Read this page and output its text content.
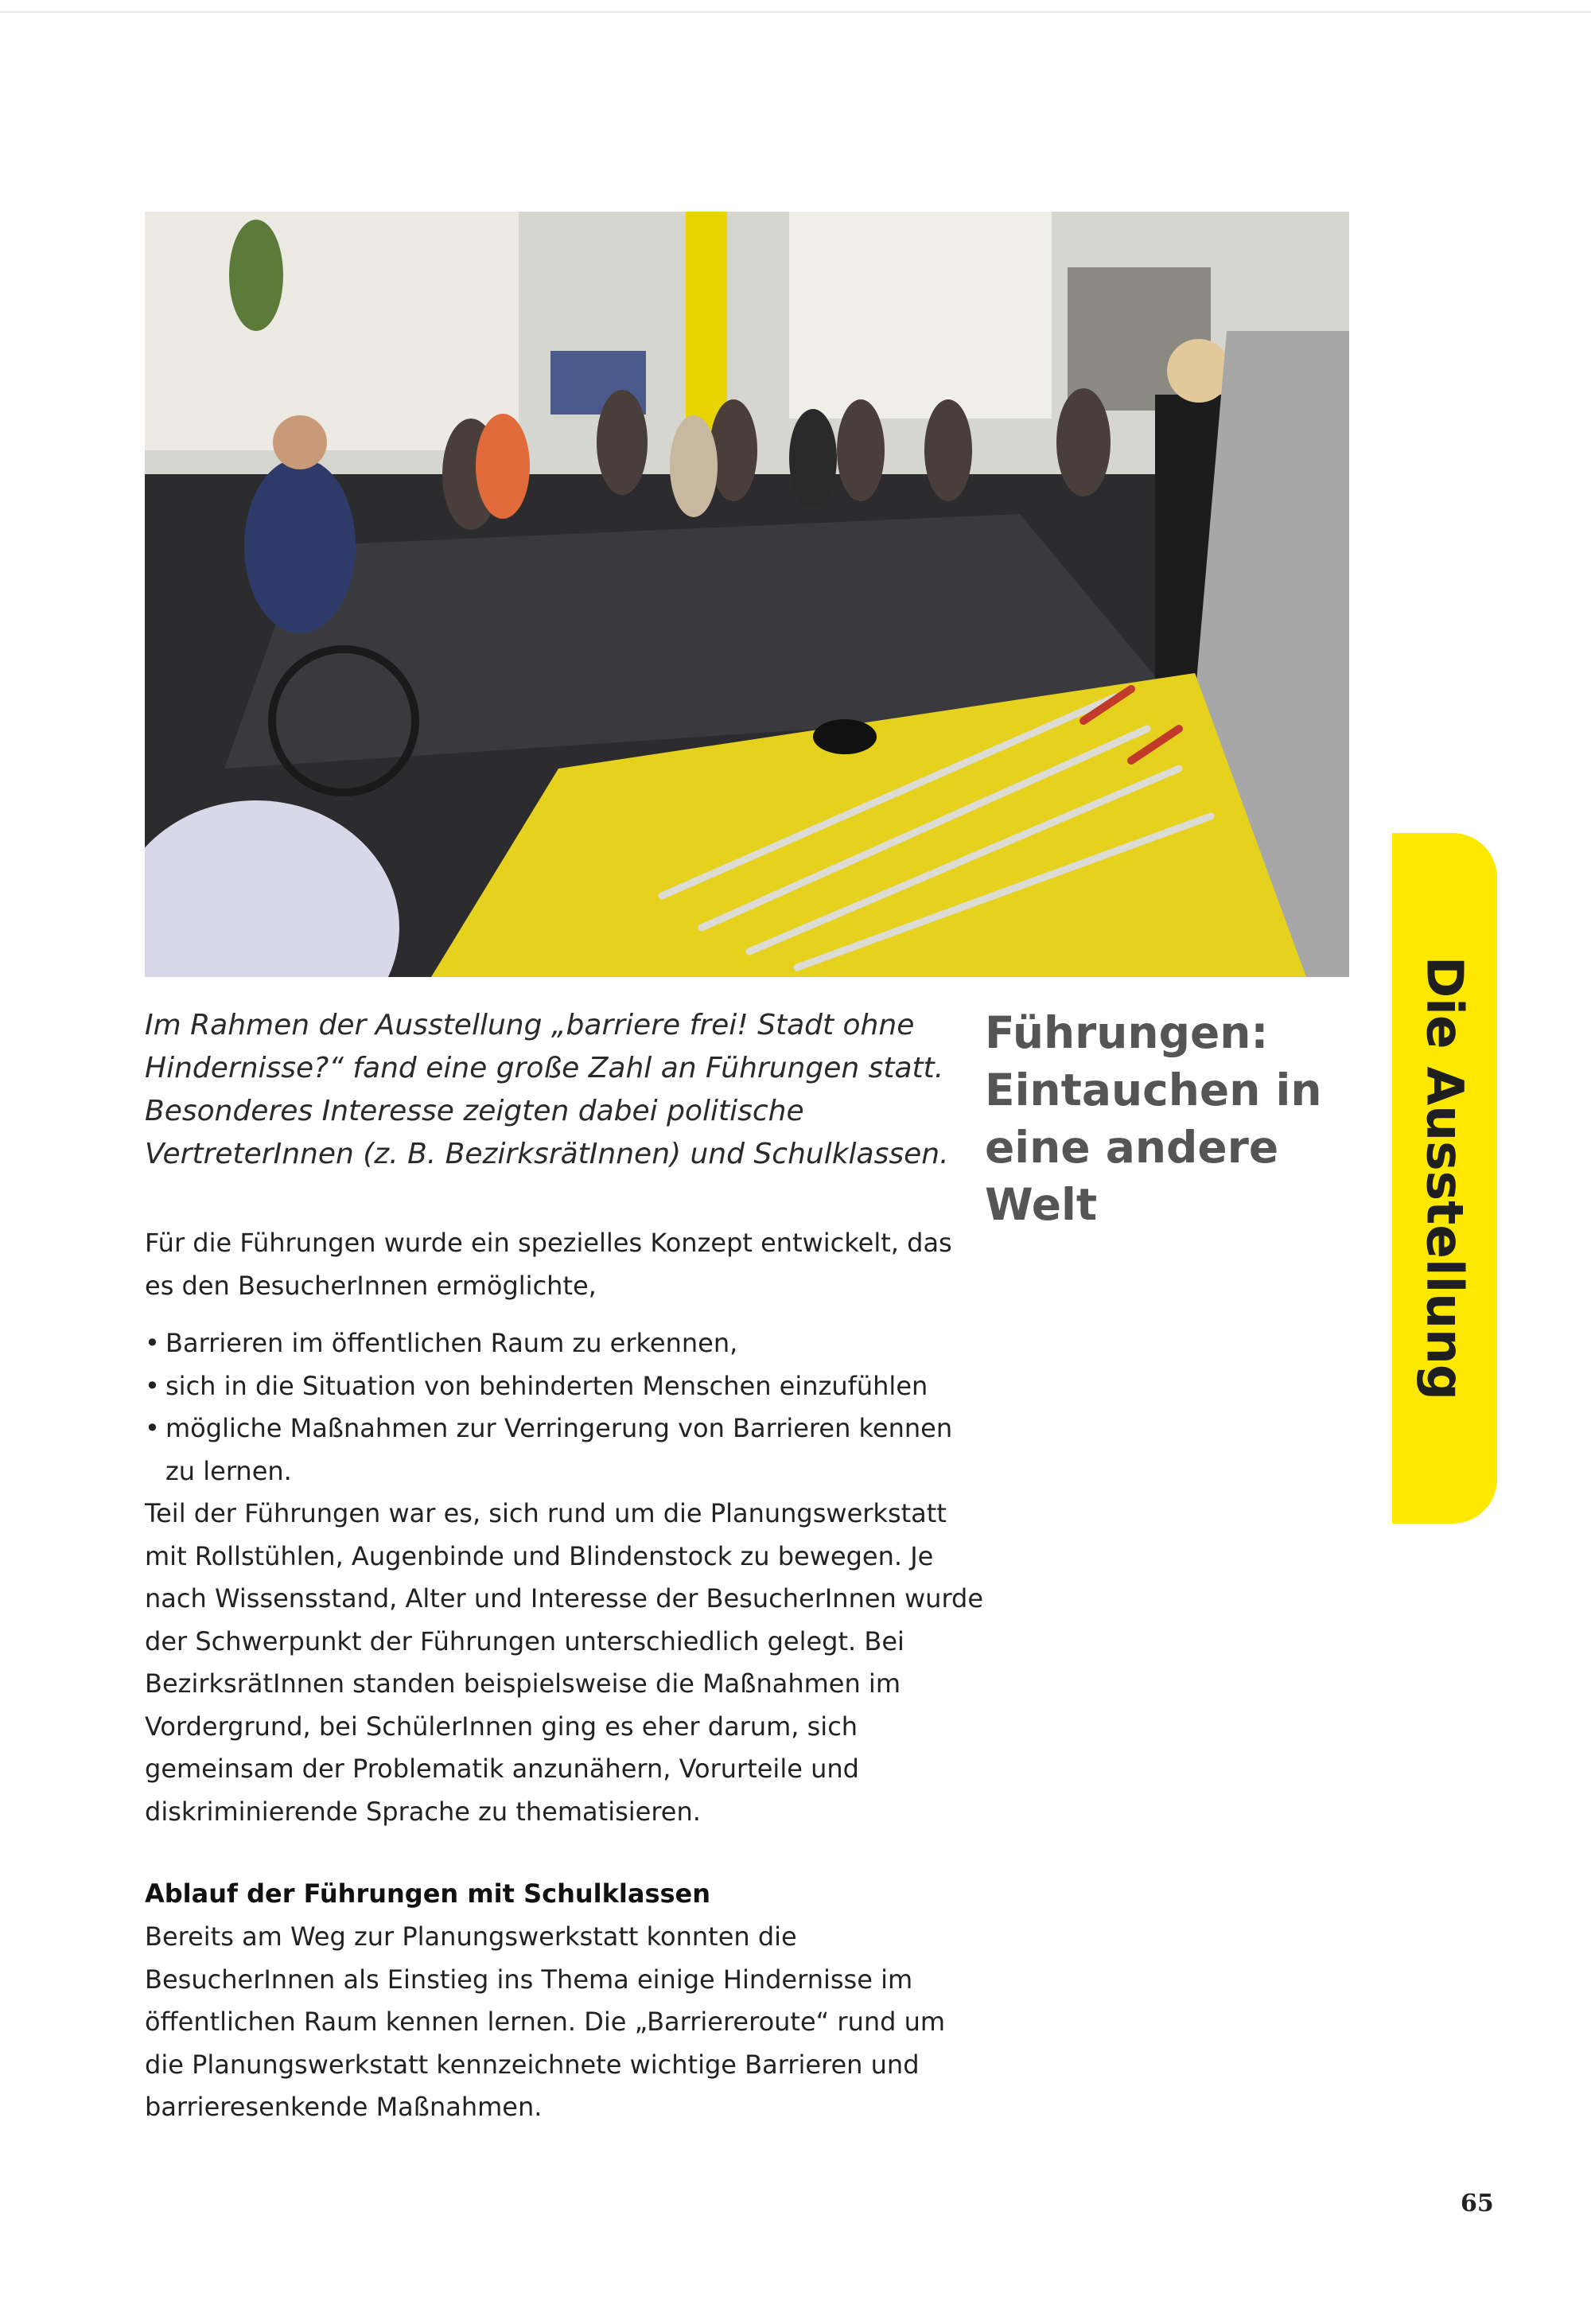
Im Rahmen der Ausstellung „barriere frei! Stadt ohne Hindernisse?“ fand eine große Zahl an Führungen statt. Besonderes Interesse zeigten dabei politische VertreterInnen (z. B. BezirksrätInnen) und Schulklassen.

Führungen: Eintauchen in eine andere Welt

Für die Führungen wurde ein spezielles Konzept entwickelt, das es den BesucherInnen ermöglichte,

• Barrieren im öffentlichen Raum zu erkennen,
• sich in die Situation von behinderten Menschen einzufühlen
• mögliche Maßnahmen zur Verringerung von Barrieren kennen zu lernen.

Teil der Führungen war es, sich rund um die Planungswerkstatt mit Rollstühlen, Augenbinde und Blindenstock zu bewegen. Je nach Wissensstand, Alter und Interesse der BesucherInnen wurde der Schwerpunkt der Führungen unterschiedlich gelegt. Bei BezirksrätInnen standen beispielsweise die Maßnahmen im Vordergrund, bei SchülerInnen ging es eher darum, sich gemeinsam der Problematik anzunähern, Vorurteile und diskriminierende Sprache zu thematisieren.

Ablauf der Führungen mit Schulklassen

Bereits am Weg zur Planungswerkstatt konnten die BesucherInnen als Einstieg ins Thema einige Hindernisse im öffentlichen Raum kennen lernen. Die „Barriereroute“ rund um die Planungswerkstatt kennzeichnete wichtige Barrieren und barrieresenkende Maßnahmen.

Die Ausstellung
65
